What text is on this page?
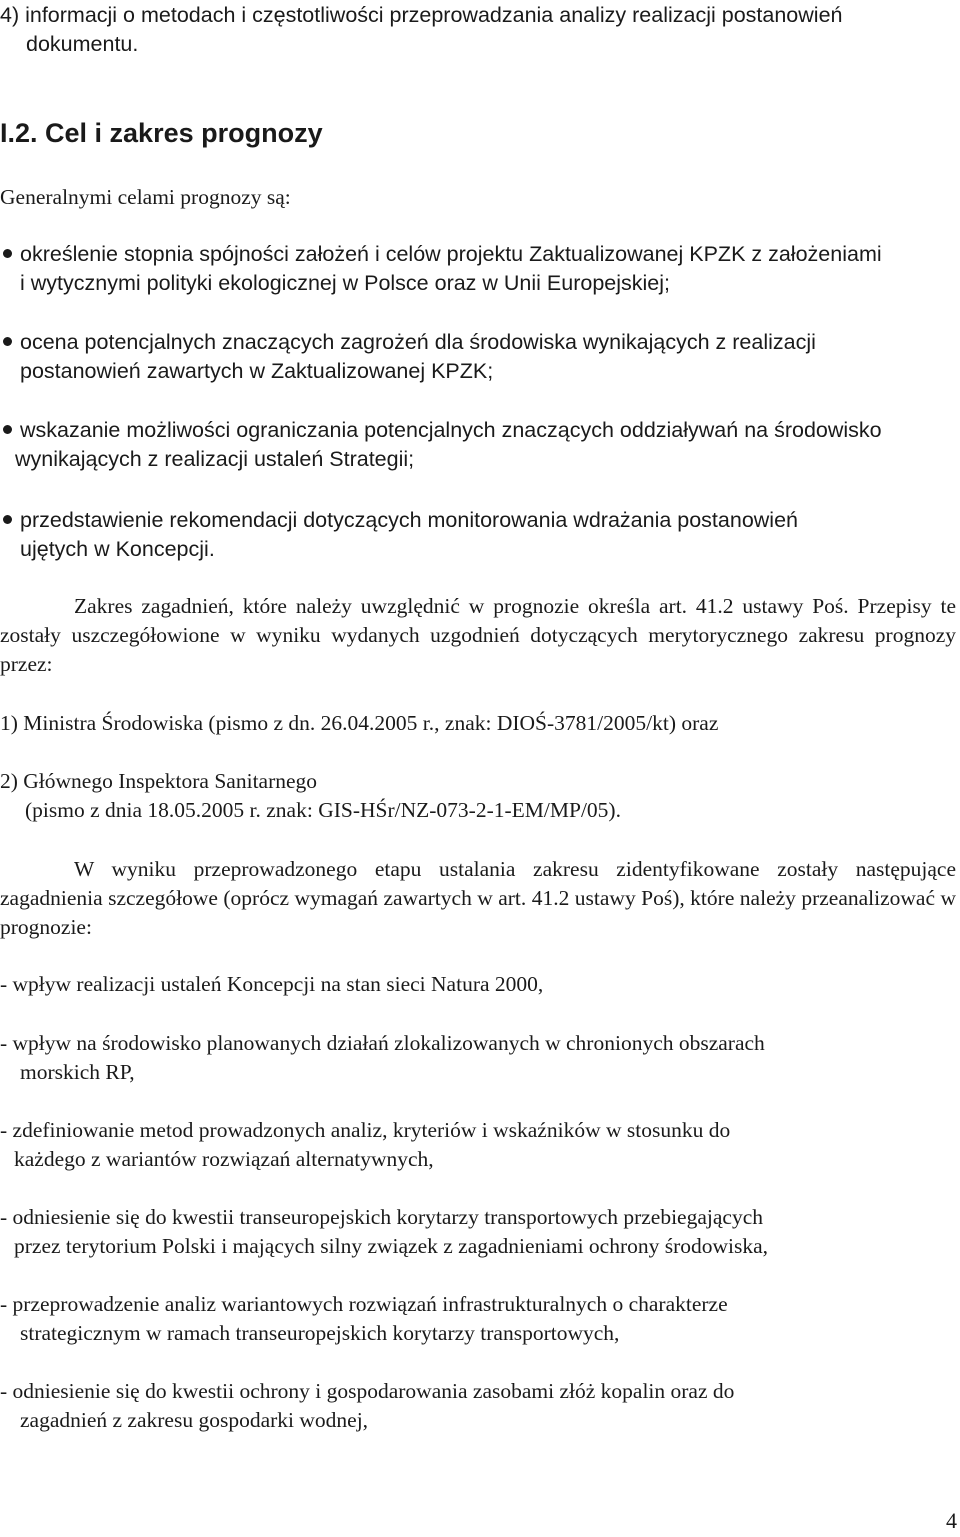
4) informacji o metodach i częstotliwości przeprowadzania analizy realizacji postanowień

dokumentu.

I.2. Cel i zakres prognozy

Generalnymi celami prognozy są:

określenie stopnia spójności założeń i celów projektu Zaktualizowanej KPZK z założeniami

i wytycznymi polityki ekologicznej w Polsce oraz w Unii Europejskiej;

ocena potencjalnych znaczących zagrożeń dla środowiska wynikających z realizacji

postanowień zawartych w Zaktualizowanej KPZK;

wskazanie możliwości ograniczania potencjalnych znaczących oddziaływań na środowisko

wynikających z realizacji ustaleń Strategii;

przedstawienie rekomendacji dotyczących monitorowania wdrażania postanowień

ujętych w Koncepcji.

Zakres zagadnień, które należy uwzględnić w prognozie określa art. 41.2 ustawy Poś. Przepisy te zostały uszczegółowione w wyniku wydanych uzgodnień dotyczących merytorycznego zakresu prognozy przez:

1) Ministra Środowiska (pismo z dn. 26.04.2005 r., znak: DIOŚ-3781/2005/kt) oraz

2) Głównego Inspektora Sanitarnego

(pismo z dnia 18.05.2005 r. znak: GIS-HŚr/NZ-073-2-1-EM/MP/05).

W wyniku przeprowadzonego etapu ustalania zakresu zidentyfikowane zostały następujące zagadnienia szczegółowe (oprócz wymagań zawartych w art. 41.2 ustawy Poś), które należy przeanalizować w prognozie:

- wpływ realizacji ustaleń Koncepcji na stan sieci Natura 2000,

- wpływ na środowisko planowanych działań zlokalizowanych w chronionych obszarach

morskich RP,

- zdefiniowanie metod prowadzonych analiz, kryteriów i wskaźników w stosunku do

każdego z wariantów rozwiązań alternatywnych,

- odniesienie się do kwestii transeuropejskich korytarzy transportowych przebiegających

przez terytorium Polski i mających silny związek z zagadnieniami ochrony środowiska,

- przeprowadzenie analiz wariantowych rozwiązań infrastrukturalnych o charakterze

strategicznym w ramach transeuropejskich korytarzy transportowych,

- odniesienie się do kwestii ochrony i gospodarowania zasobami złóż kopalin oraz do

zagadnień z zakresu gospodarki wodnej,

4
